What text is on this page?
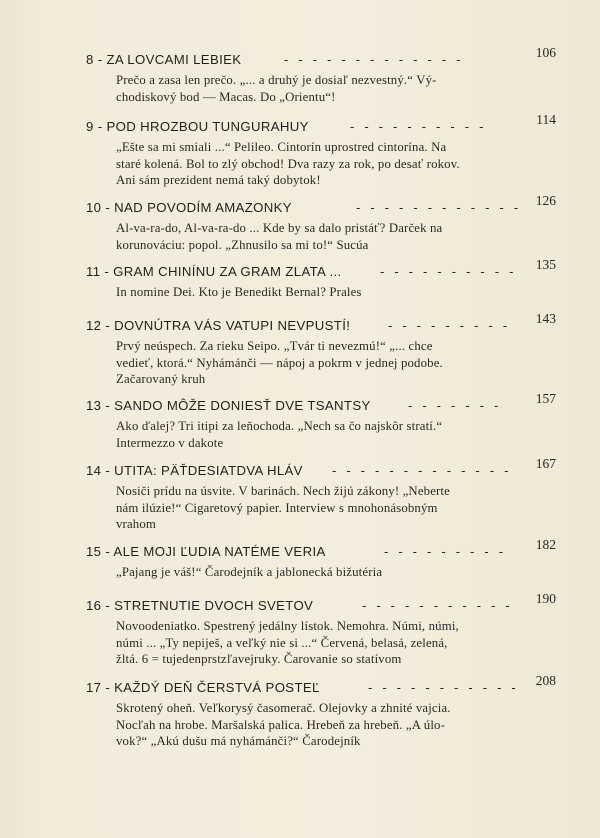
8 - ZA LOVCAMI LEBIEK	- - - - - - - - - - - - -	106
Prečo a zasa len prečo. „... a druhý je dosiaľ nezvestný.“ Vý-
chodiskový bod — Macas. Do „Orientu“!
9 - POD HROZBOU TUNGURAHUY	- - - - - - - - - -	114
„Ešte sa mi smiali ...“ Pelileo. Cintorín uprostred cintorína. Na
staré kolená. Bol to zlý obchod! Dva razy za rok, po desať rokov.
Ani sám prezident nemá taký dobytok!
10 - NAD POVODÍM AMAZONKY	- - - - - - - - - - - - 126
Al-va-ra-do, Al-va-ra-do ... Kde by sa dalo pristáť? Darček na
korunováciu: popol. „Zhnusilo sa mi to!“ Sucúa
11 - GRAM CHINÍNU ZA GRAM ZLATA ...	- - - - - - - - - - 135
In nomine Dei. Kto je Benedikt Bernal? Prales
12 - DOVNÚTRA VÁS VATUPI NEVPUSTÍ!	- - - - - - - - - 143
Prvý neúspech. Za rieku Seipo. „Tvár ti nevezmú!“ „... chce
vedieť, ktorá.“ Nyhámánči — nápoj a pokrm v jednej podobe.
Začarovaný kruh
13 - SANDO MÔŽE DONIESŤ DVE TSANTSY	- - - - - - -	157
Ako ďalej? Tri itipi za leňochoda. „Nech sa čo najskôr stratí.“
Intermezzo v dakote
14 - UTITA: PÄŤDESIATDVA HLÁV - - - - - - - - - - - - - 167
Nosiči prídu na úsvite. V barinách. Nech žijú zákony! „Neberte
nám ilúzie!“ Cigaretový papier. Interview s mnohonásobným
vrahom
15 - ALE MOJI ĽUDIA NATÉME VERIA	- - - - - - - - - 182
„Pajang je váš!“ Čarodejník a jablonecká bižutéria
16 - STRETNUTIE DVOCH SVETOV	- - - - - - - - - - - 190
Novoodeniatko. Spestrený jedálny lístok. Nemohra. Númi, númi,
númi ... „Ty nepiješ, a veľký nie si ...“ Červená, belasá, zelená,
žltá. 6 = tujedenprstzľavejruky. Čarovanie so statívom
17 - KAŽDÝ DEŇ ČERSTVÁ POSTEĽ	- - - - - - - - - - - 208
Skrotený oheň. Veľkorysý časomerač. Olejovky a zhnité vajcia.
Nocľah na hrobe. Maršalská palica. Hrebeň za hrebeň. „A úlo-
vok?“ „Akú dušu má nyhámánči?“ Čarodejník
